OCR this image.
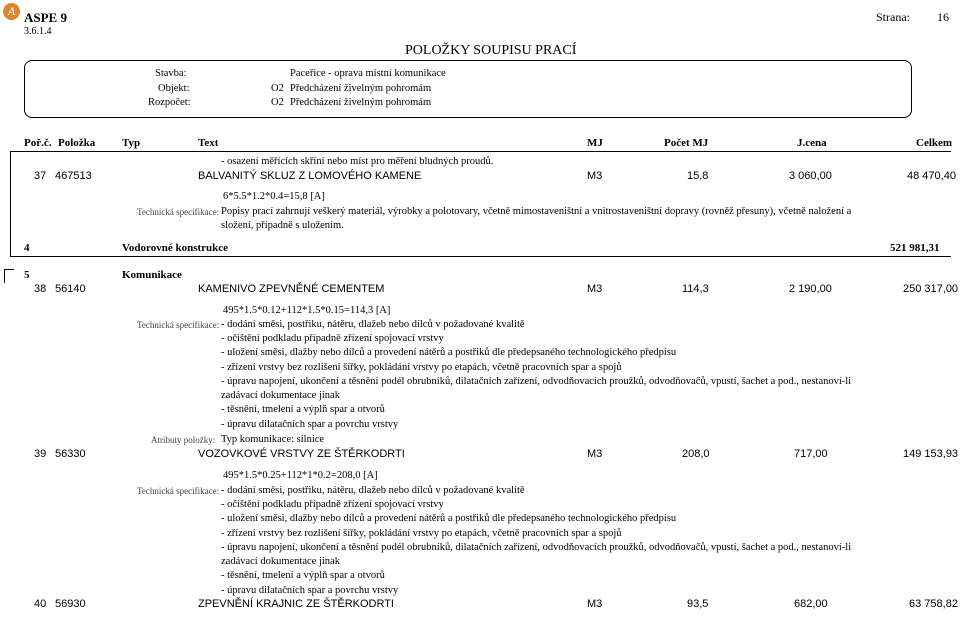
A ASPE 9
3.6.1.4
Strana: 16
POLOŽKY SOUPISU PRACÍ
Stavba:	Paceřice - oprava místní komunikace
Objekt:	O2 Předcházení živelným pohromám
Rozpočet:	O2 Předcházení živelným pohromám
Poř.č. Položka Typ	Text	MJ	Počet MJ	J.cena	Celkem
- osazení měřících skříní nebo míst pro měření bludných proudů.
37 467513	BALVANITÝ SKLUZ Z LOMOVÉHO KAMENE	M3	15,8	3 060,00	48 470,40
6*5.5*1.2*0.4=15,8 [A]
Technická specifikace: Popisy prací zahrnují veškerý materiál, výrobky a polotovary, včetně mimostaveništní a vnitrostaveništní dopravy (rovněž přesuny), včetně naložení a
složení, případně s uložením.
4	Vodorovné konstrukce	521 981,31
5	Komunikace
38 56140	KAMENIVO ZPEVNĚNÉ CEMENTEM	M3	114,3	2 190,00	250 317,00
495*1.5*0.12+112*1.5*0.15=114,3 [A]
Technická specifikace: - dodání směsi, postřiku, nátěru, dlažeb nebo dílců v požadované kvalitě
- očištění podkladu případně zřízení spojovací vrstvy
- uložení směsi, dlažby nebo dílců a provedení nátěrů a postřiků dle předepsaného technologického předpisu
- zřízení vrstvy bez rozlišení šířky, pokládání vrstvy po etapách, včetně pracovních spar a spojů
- úpravu napojení, ukončení a těsnění podél obrubníků, dilatačních zařízení, odvodňovacích proužků, odvodňovačů, vpustí, šachet a pod., nestanoví-li
zadávací dokumentace jinak
- těsnění, tmelení a výplň spar a otvorů
- úpravu dilatačních spar a povrchu vrstvy
Atributy položky: Typ komunikace: silnice
39 56330	VOZOVKOVÉ VRSTVY ZE ŠTĚRKODRTI	M3	208,0	717,00	149 153,93
495*1.5*0.25+112*1*0.2=208,0 [A]
Technická specifikace: - dodání směsi, postřiku, nátěru, dlažeb nebo dílců v požadované kvalitě
- očištění podkladu případně zřízení spojovací vrstvy
- uložení směsi, dlažby nebo dílců a provedení nátěrů a postřiků dle předepsaného technologického předpisu
- zřízení vrstvy bez rozlišení šířky, pokládání vrstvy po etapách, včetně pracovních spar a spojů
- úpravu napojení, ukončení a těsnění podél obrubníků, dilatačních zařízení, odvodňovacích proužků, odvodňovačů, vpustí, šachet a pod., nestanoví-li
zadávací dokumentace jinak
- těsnění, tmelení a výplň spar a otvorů
- úpravu dilatačních spar a povrchu vrstvy
40 56930	ZPEVNĚNÍ KRAJNIC ZE ŠTĚRKODRTI	M3	93,5	682,00	63 758,82
